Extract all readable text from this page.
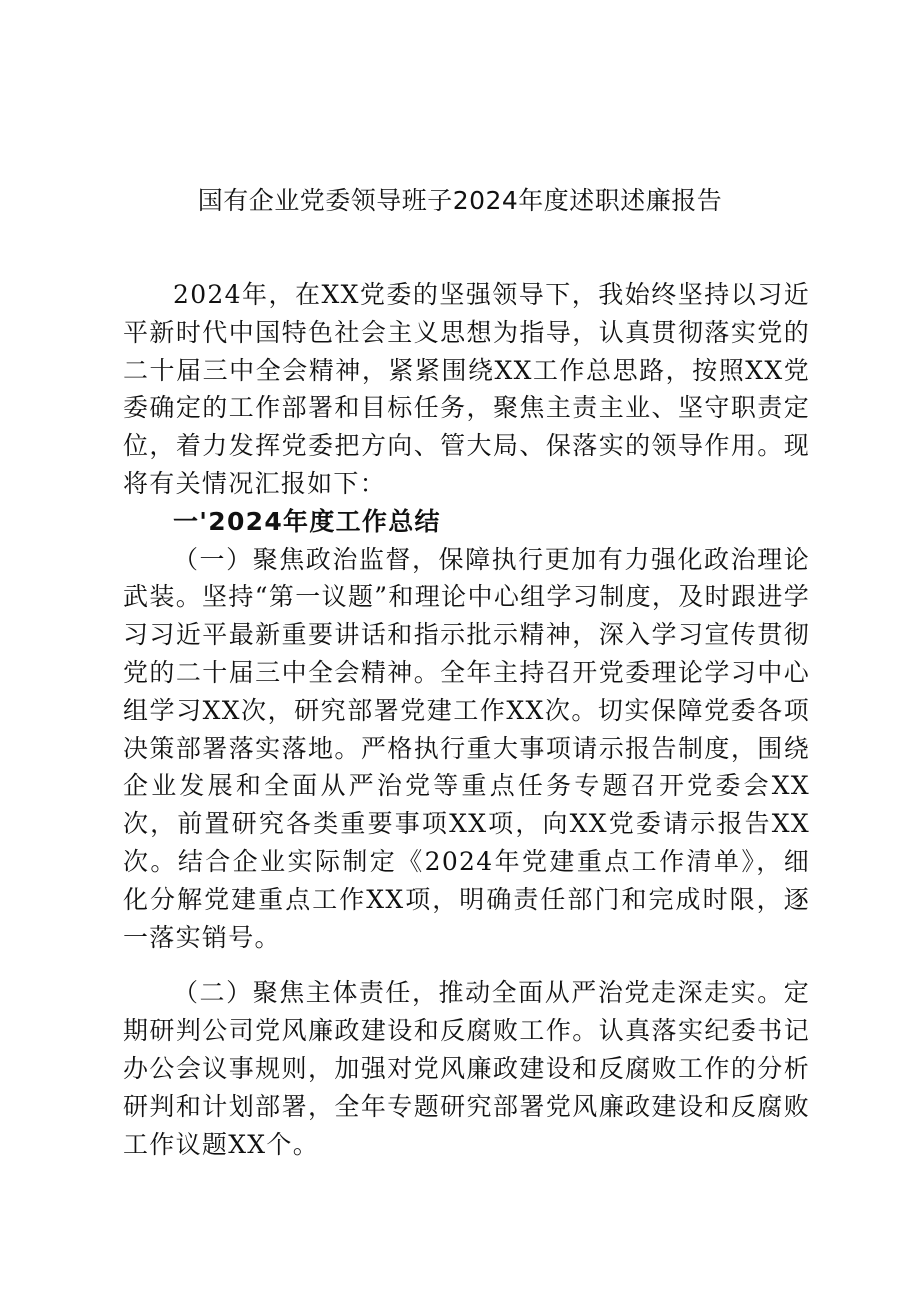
国有企业党委领导班子2024年度述职述廉报告

2024年，在XX党委的坚强领导下，我始终坚持以习近平新时代中国特色社会主义思想为指导，认真贯彻落实党的二十届三中全会精神，紧紧围绕XX工作总思路，按照XX党委确定的工作部署和目标任务，聚焦主责主业、坚守职责定位，着力发挥党委把方向、管大局、保落实的领导作用。现将有关情况汇报如下：

一'2024年度工作总结

（一）聚焦政治监督，保障执行更加有力强化政治理论武装。坚持“第一议题”和理论中心组学习制度，及时跟进学习习近平最新重要讲话和指示批示精神，深入学习宣传贯彻党的二十届三中全会精神。全年主持召开党委理论学习中心组学习XX次，研究部署党建工作XX次。切实保障党委各项决策部署落实落地。严格执行重大事项请示报告制度，围绕企业发展和全面从严治党等重点任务专题召开党委会XX次，前置研究各类重要事项XX项，向XX党委请示报告XX次。结合企业实际制定《2024年党建重点工作清单》，细化分解党建重点工作XX项，明确责任部门和完成时限，逐一落实销号。

（二）聚焦主体责任，推动全面从严治党走深走实。定期研判公司党风廉政建设和反腐败工作。认真落实纪委书记办公会议事规则，加强对党风廉政建设和反腐败工作的分析研判和计划部署，全年专题研究部署党风廉政建设和反腐败工作议题XX个。
